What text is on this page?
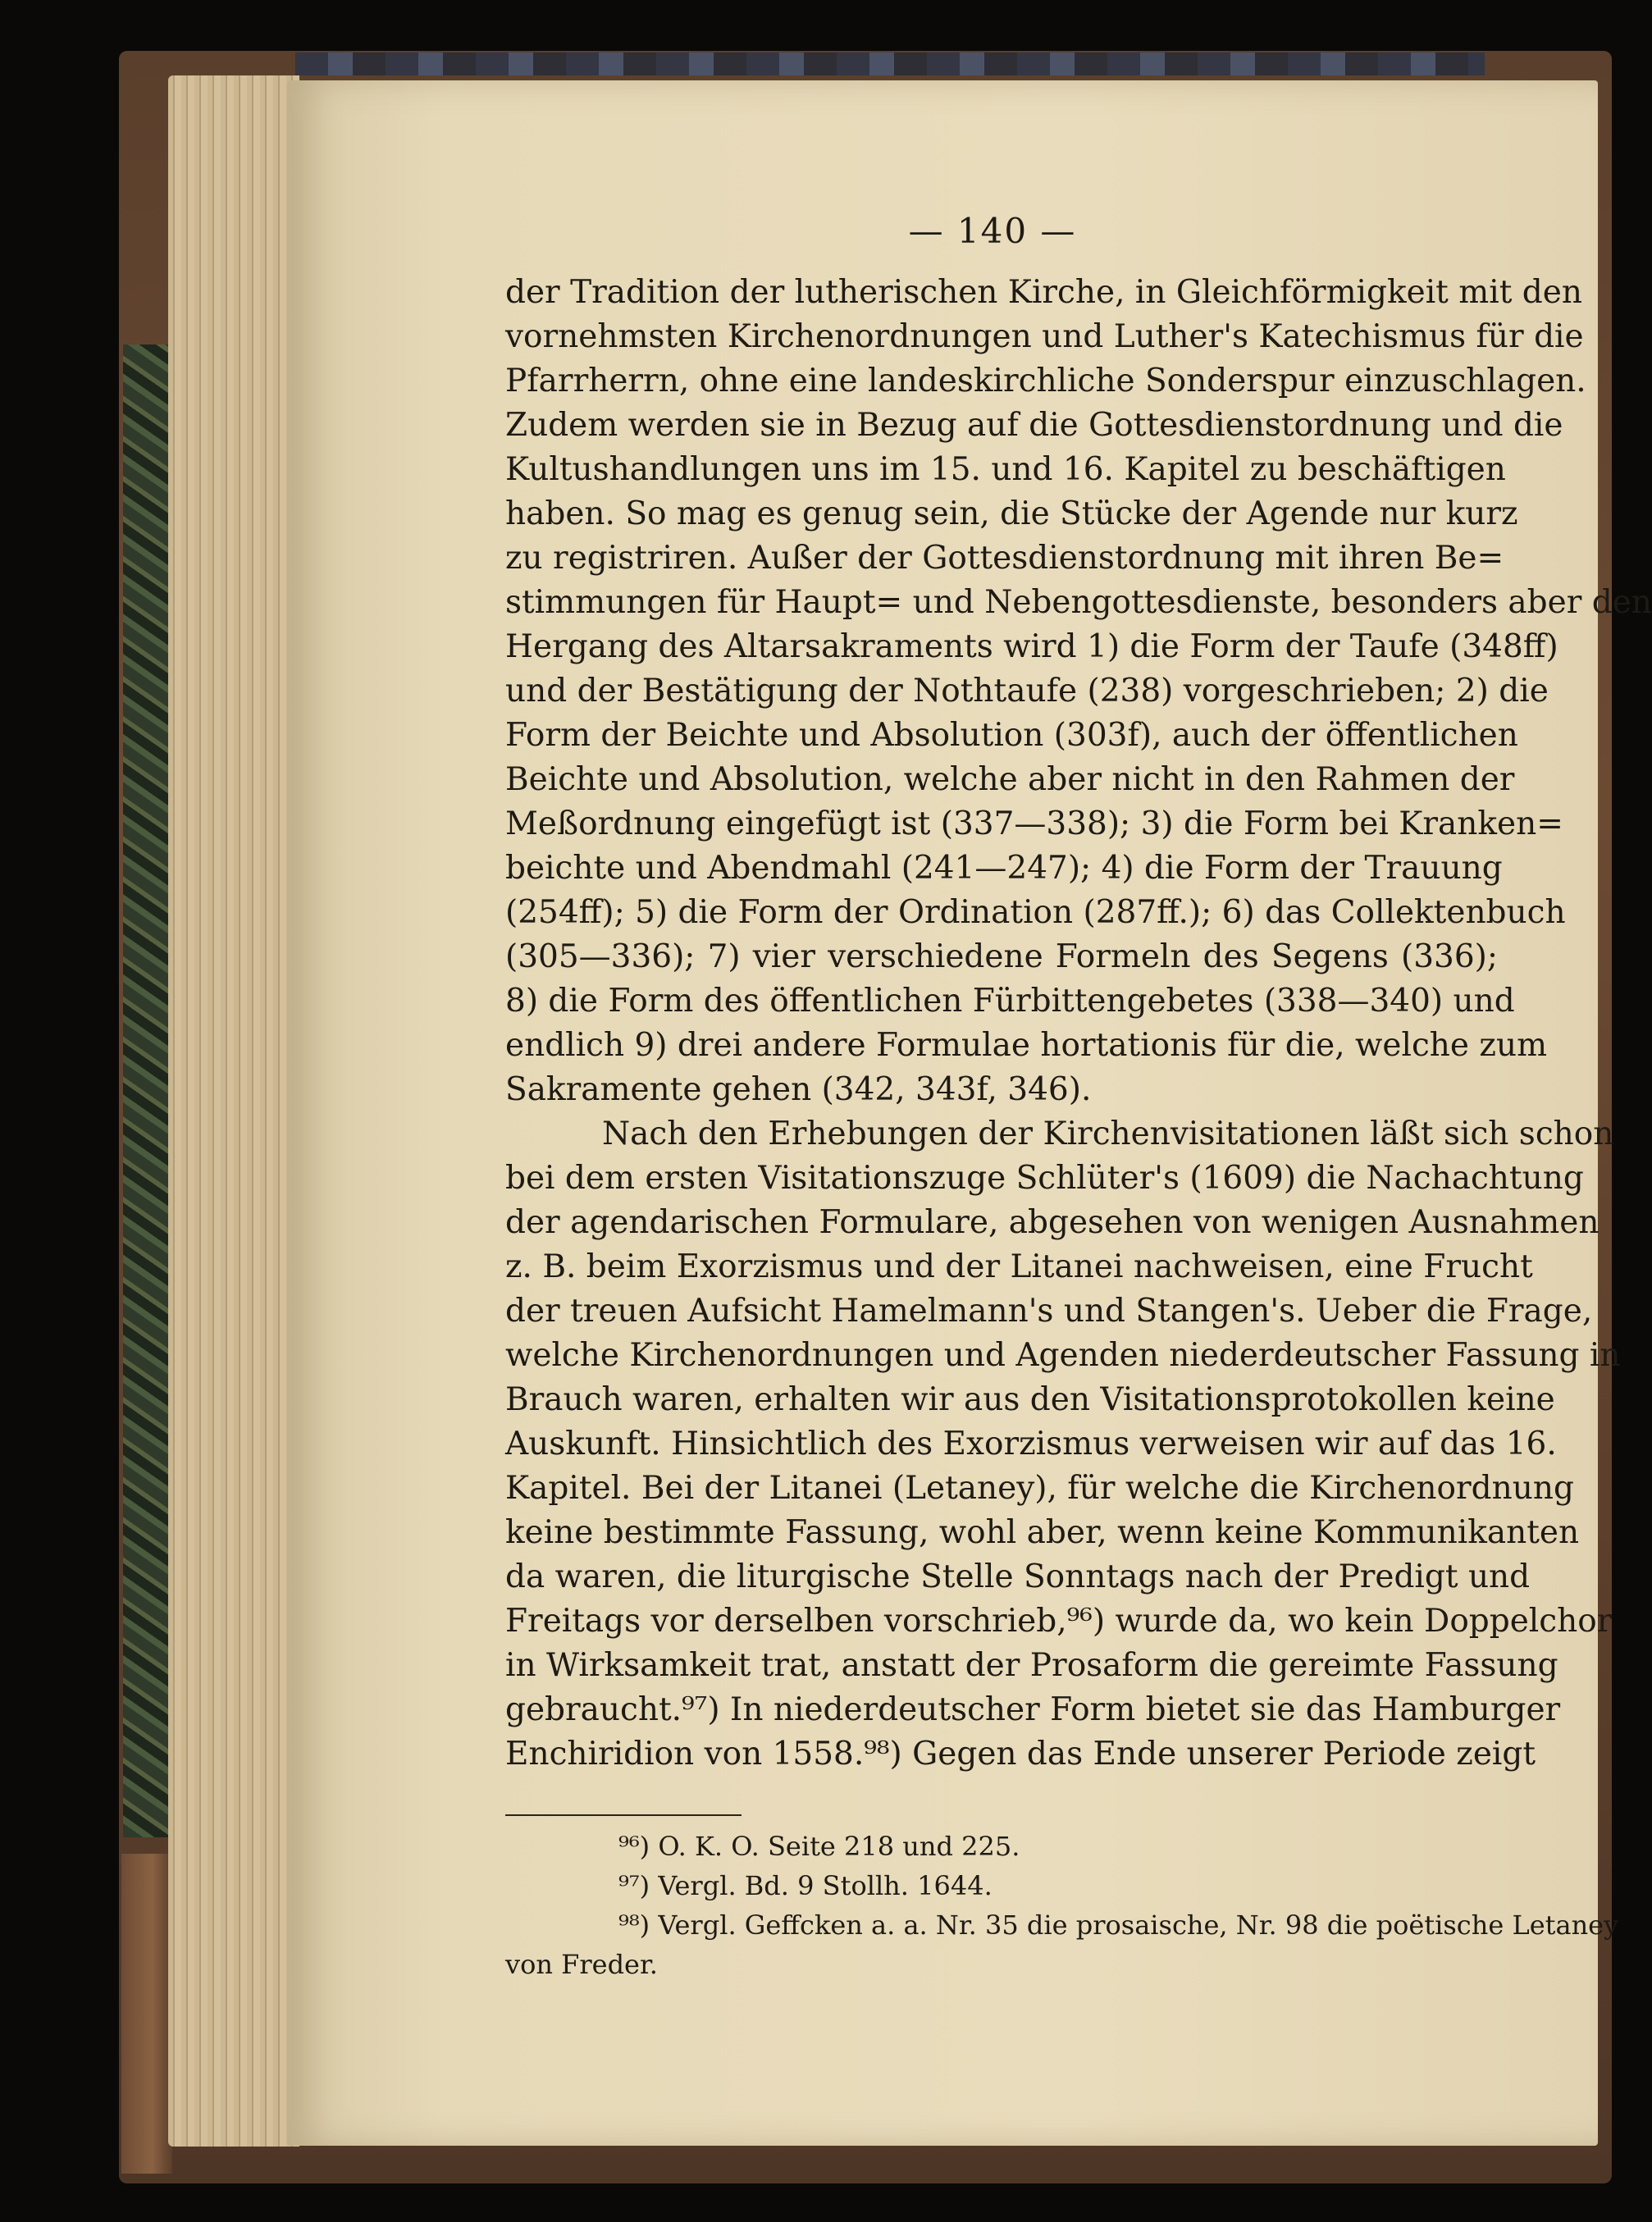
— 140 —
der Tradition der lutherischen Kirche, in Gleichförmigkeit mit den
vornehmsten Kirchenordnungen und Luther's Katechismus für die
Pfarrherrn, ohne eine landeskirchliche Sonderspur einzuschlagen.
Zudem werden sie in Bezug auf die Gottesdienstordnung und die
Kultushandlungen uns im 15. und 16. Kapitel zu beschäftigen
haben. So mag es genug sein, die Stücke der Agende nur kurz
zu registriren. Außer der Gottesdienstordnung mit ihren Be=
stimmungen für Haupt= und Nebengottesdienste, besonders aber den
Hergang des Altarsakraments wird 1) die Form der Taufe (348ff)
und der Bestätigung der Nothtaufe (238) vorgeschrieben; 2) die
Form der Beichte und Absolution (303f), auch der öffentlichen
Beichte und Absolution, welche aber nicht in den Rahmen der
Meßordnung eingefügt ist (337—338); 3) die Form bei Kranken=
beichte und Abendmahl (241—247); 4) die Form der Trauung
(254ff); 5) die Form der Ordination (287ff.); 6) das Collektenbuch
(305—336); 7) vier verschiedene Formeln des Segens (336);
8) die Form des öffentlichen Fürbittengebetes (338—340) und
endlich 9) drei andere Formulae hortationis für die, welche zum
Sakramente gehen (342, 343f, 346).
Nach den Erhebungen der Kirchenvisitationen läßt sich schon
bei dem ersten Visitationszuge Schlüter's (1609) die Nachachtung
der agendarischen Formulare, abgesehen von wenigen Ausnahmen
z. B. beim Exorzismus und der Litanei nachweisen, eine Frucht
der treuen Aufsicht Hamelmann's und Stangen's. Ueber die Frage,
welche Kirchenordnungen und Agenden niederdeutscher Fassung in
Brauch waren, erhalten wir aus den Visitationsprotokollen keine
Auskunft. Hinsichtlich des Exorzismus verweisen wir auf das 16.
Kapitel. Bei der Litanei (Letaney), für welche die Kirchenordnung
keine bestimmte Fassung, wohl aber, wenn keine Kommunikanten
da waren, die liturgische Stelle Sonntags nach der Predigt und
Freitags vor derselben vorschrieb,⁹⁶) wurde da, wo kein Doppelchor
in Wirksamkeit trat, anstatt der Prosaform die gereimte Fassung
gebraucht.⁹⁷) In niederdeutscher Form bietet sie das Hamburger
Enchiridion von 1558.⁹⁸) Gegen das Ende unserer Periode zeigt
⁹⁶) O. K. O. Seite 218 und 225.
⁹⁷) Vergl. Bd. 9 Stollh. 1644.
⁹⁸) Vergl. Geffcken a. a. Nr. 35 die prosaische, Nr. 98 die poëtische Letaney
von Freder.
